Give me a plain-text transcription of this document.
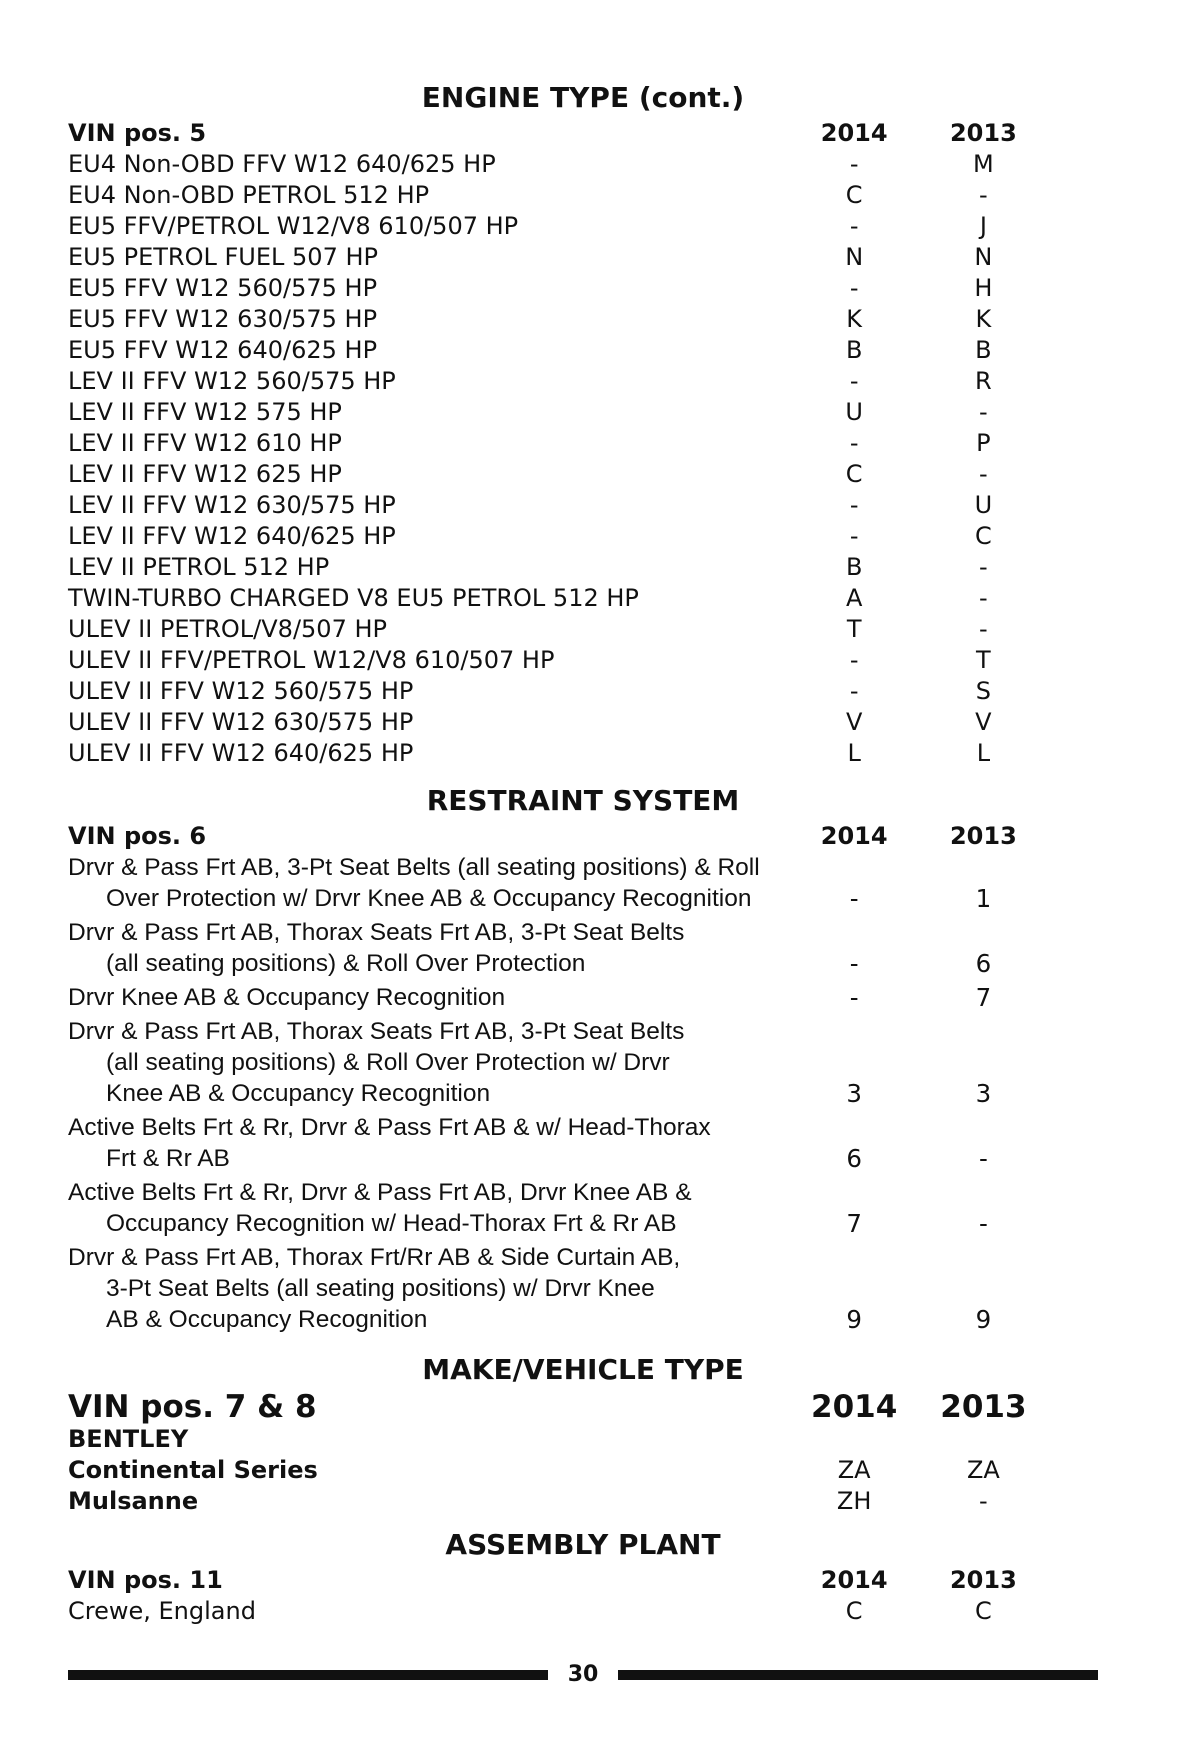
ENGINE TYPE (cont.)
VIN pos. 5	2014	2013
EU4 Non-OBD FFV W12 640/625 HP	-	M
EU4 Non-OBD PETROL 512 HP	C	-
EU5 FFV/PETROL W12/V8 610/507 HP	-	J
EU5 PETROL FUEL 507 HP	N	N
EU5 FFV W12 560/575 HP	-	H
EU5 FFV W12 630/575 HP	K	K
EU5 FFV W12 640/625 HP	B	B
LEV II FFV W12 560/575 HP	-	R
LEV II FFV W12 575 HP	U	-
LEV II FFV W12 610 HP	-	P
LEV II FFV W12 625 HP	C	-
LEV II FFV W12 630/575 HP	-	U
LEV II FFV W12 640/625 HP	-	C
LEV II PETROL 512 HP	B	-
TWIN-TURBO CHARGED V8 EU5 PETROL 512 HP	A	-
ULEV II PETROL/V8/507 HP	T	-
ULEV II FFV/PETROL W12/V8 610/507 HP	-	T
ULEV II FFV W12 560/575 HP	-	S
ULEV II FFV W12 630/575 HP	V	V
ULEV II FFV W12 640/625 HP	L	L
RESTRAINT SYSTEM
VIN pos. 6	2014	2013
Drvr & Pass Frt AB, 3-Pt Seat Belts (all seating positions) & Roll
Over Protection w/ Drvr Knee AB & Occupancy Recognition	-	1
Drvr & Pass Frt AB, Thorax Seats Frt AB, 3-Pt Seat Belts
(all seating positions) & Roll Over Protection	-	6
Drvr Knee AB & Occupancy Recognition	-	7
Drvr & Pass Frt AB, Thorax Seats Frt AB, 3-Pt Seat Belts
(all seating positions) & Roll Over Protection w/ Drvr
Knee AB & Occupancy Recognition	3	3
Active Belts Frt & Rr, Drvr & Pass Frt AB & w/ Head-Thorax
Frt & Rr AB	6	-
Active Belts Frt & Rr, Drvr & Pass Frt AB, Drvr Knee AB &
Occupancy Recognition w/ Head-Thorax Frt & Rr AB	7	-
Drvr & Pass Frt AB, Thorax Frt/Rr AB & Side Curtain AB,
3-Pt Seat Belts (all seating positions) w/ Drvr Knee
AB & Occupancy Recognition	9	9
MAKE/VEHICLE TYPE
VIN pos. 7 & 8	2014	2013
BENTLEY
Continental Series	ZA	ZA
Mulsanne	ZH	-
ASSEMBLY PLANT
VIN pos. 11	2014	2013
Crewe, England	C	C
30
